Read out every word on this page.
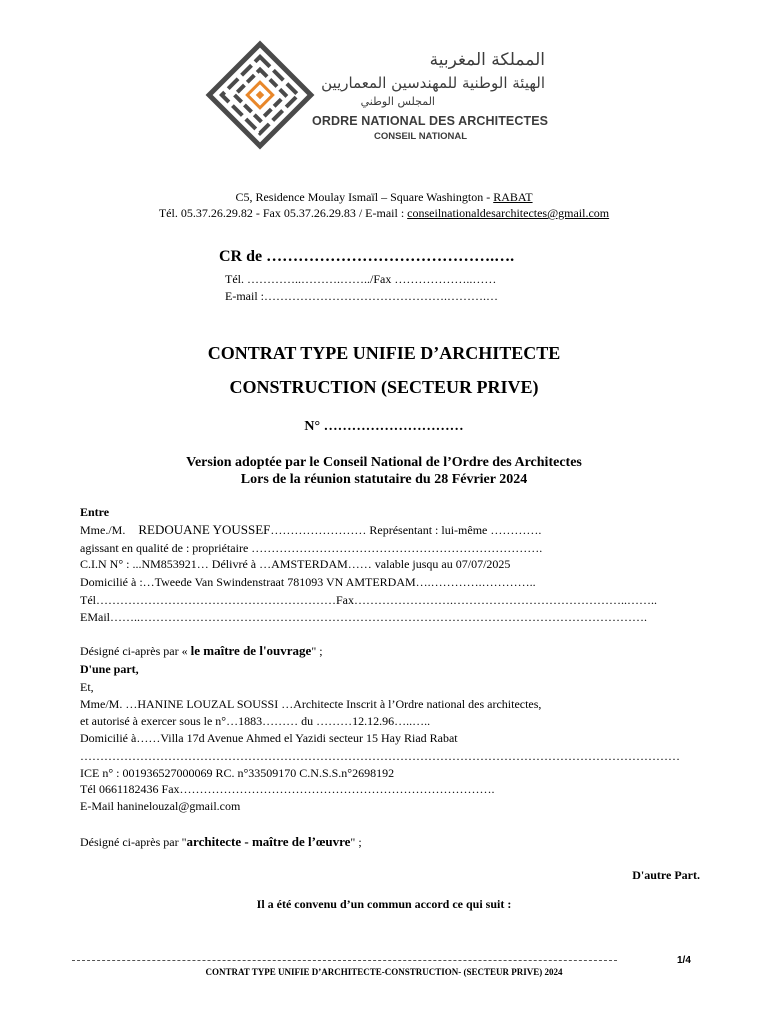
المملكة المغربية
الهيئة الوطنية للمهندسين المعماريين
المجلس الوطني
ORDRE NATIONAL DES ARCHITECTES
CONSEIL NATIONAL
C5, Residence Moulay Ismaïl – Square Washington - RABAT
Tél. 05.37.26.29.82 - Fax 05.37.26.29.83 / E-mail : conseilnationaldesarchitectes@gmail.com
CR de …………………………………….….
Tél. …………..……….……../Fax ………………..……
E-mail :……………………………………….……….…
CONTRAT TYPE UNIFIE D’ARCHITECTE
CONSTRUCTION (SECTEUR PRIVE)
N° …………………………
Version adoptée par le Conseil National de l’Ordre des Architectes
Lors de la réunion statutaire du 28 Février 2024
Entre
Mme./M. REDOUANE YOUSSEF…………………… Représentant : lui-même ………….
agissant en qualité de : propriétaire ……………………………………………………………….
C.I.N N° : ...NM853921… Délivré à …AMSTERDAM…… valable jusqu au 07/07/2025
Domicilié à :…Tweede Van Swindenstraat 781093 VN AMTERDAM….………….…………..
Tél……………………………………………………Fax…………………….……………………………………..……..
EMail……..……………………………………………………………………………………………………………….
Désigné ci-après par « le maître de l'ouvrage" ;
D'une part,
Et,
Mme/M. …HANINE LOUZAL SOUSSI …Architecte Inscrit à l’Ordre national des architectes,
et autorisé à exercer sous le n°…1883……… du ………12.12.96…..…..
Domicilié à……Villa 17d Avenue Ahmed el Yazidi secteur 15 Hay Riad Rabat
……………………………………………………………………………………………………………………………………
ICE n° : 001936527000069 RC. n°33509170 C.N.S.S.n°2698192
Tél 0661182436 Fax…………………………………………………………………….
E-Mail haninelouzal@gmail.com
Désigné ci-après par "architecte - maître de l’œuvre" ;
D'autre Part.
Il a été convenu d’un commun accord ce qui suit :
1/4
CONTRAT TYPE UNIFIE D’ARCHITECTE-CONSTRUCTION- (SECTEUR PRIVE) 2024
